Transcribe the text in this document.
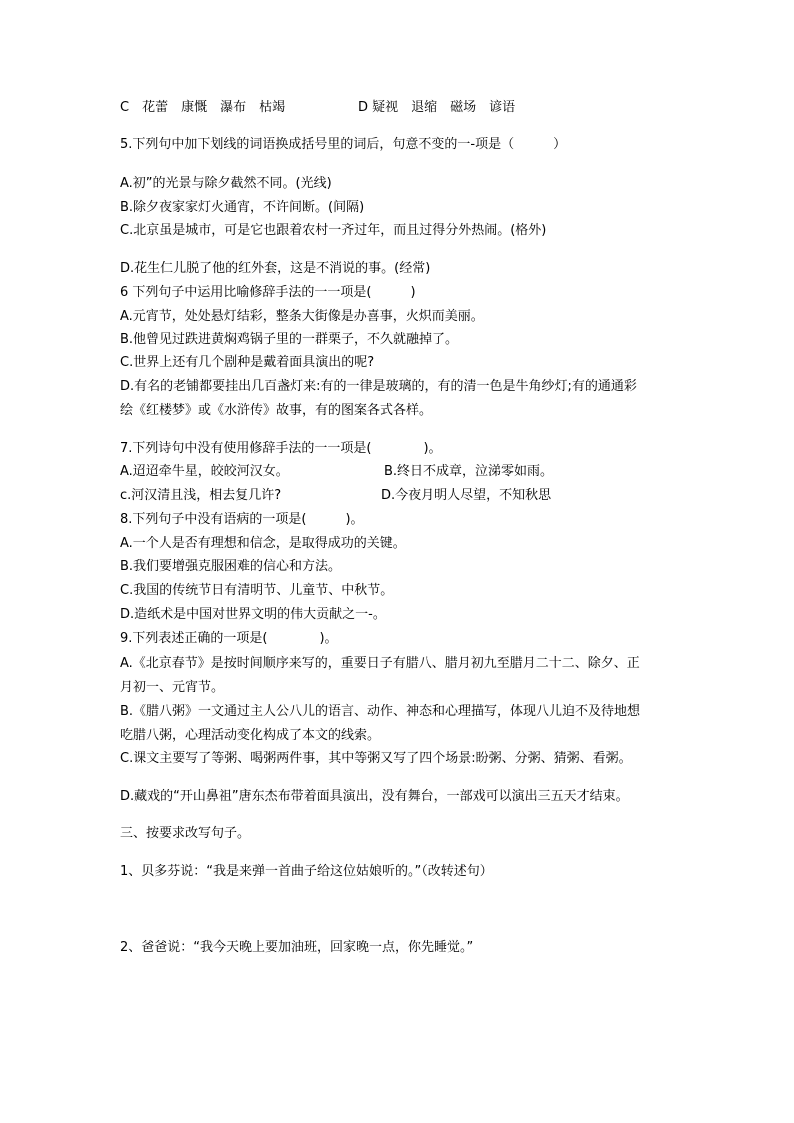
C　花蕾　康慨　瀑布　枯竭	D 疑视　退缩　磁场　谚语
5.下列句中加下划线的词语换成括号里的词后，句意不变的一-项是（　　　）
A.初”的光景与除夕截然不同。(光线)
B.除夕夜家家灯火通宵，不许间断。(间隔)
C.北京虽是城市，可是它也跟着农村一齐过年，而且过得分外热闹。(格外)
D.花生仁儿脱了他的红外套，这是不消说的事。(经常)
6 下列句子中运用比喻修辞手法的一一项是(　　　)
A.元宵节，处处悬灯结彩，整条大街像是办喜事，火炽而美丽。
B.他曾见过跌进黄焖鸡锅子里的一群栗子，不久就融掉了。
C.世界上还有几个剧种是戴着面具演出的呢?
D.有名的老铺都要挂出几百盏灯来:有的一律是玻璃的，有的清一色是牛角纱灯;有的通通彩
绘《红楼梦》或《水浒传》故事，有的图案各式各样。
7.下列诗句中没有使用修辞手法的一一项是(　　　　)。
A.迢迢牵牛星，皎皎河汉女。	B.终日不成章，泣涕零如雨。
c.河汉清且浅，相去复几许?	D.今夜月明人尽望，不知秋思
8.下列句子中没有语病的一项是(　　　)。
A.一个人是否有理想和信念，是取得成功的关键。
B.我们要增强克服困难的信心和方法。
C.我国的传统节日有清明节、儿童节、中秋节。
D.造纸术是中国对世界文明的伟大贡献之一-。
9.下列表述正确的一项是(　　　　)。
A.《北京春节》是按时间顺序来写的，重要日子有腊八、腊月初九至腊月二十二、除夕、正
月初一、元宵节。
B.《腊八粥》一文通过主人公八儿的语言、动作、神态和心理描写，体现八儿迫不及待地想
吃腊八粥，心理活动变化构成了本文的线索。
C.课文主要写了等粥、喝粥两件事，其中等粥又写了四个场景:盼粥、分粥、猜粥、看粥。
D.藏戏的“开山鼻祖”唐东杰布带着面具演出，没有舞台，一部戏可以演出三五天才结束。
三、按要求改写句子。
1、贝多芬说：“我是来弹一首曲子给这位姑娘听的。”（改转述句）
2、爸爸说：“我今天晚上要加油班，回家晚一点，你先睡觉。”
